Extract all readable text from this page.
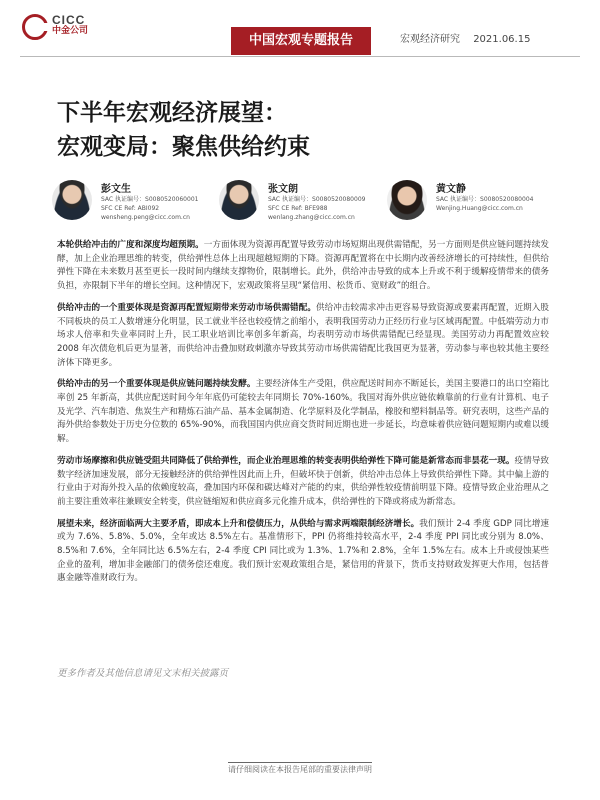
CICC
中金公司
中国宏观专题报告	宏观经济研究 2021.06.15
下半年宏观经济展望：
宏观变局：聚焦供给约束
彭文生
SAC 执证编号：S0080520060001
SFC CE Ref: ABI092
wensheng.peng@cicc.com.cn
张文朗
SAC 执证编号：S0080520080009
SFC CE Ref: BFE988
wenlang.zhang@cicc.com.cn
黄文静
SAC 执证编号：S0080520080004
Wenjing.Huang@cicc.com.cn

本轮供给冲击的广度和深度均超预期。一方面体现为资源再配置导致劳动市场短期出现供需错配，另一方面则是供应链问题持续发酵，加上企业治理思维的转变，供给弹性总体上出现超越短期的下降。资源再配置将在中长期内改善经济增长的可持续性，但供给弹性下降在未来数月甚至更长一段时间内继续支撑物价，限制增长。此外，供给冲击导致的成本上升或不利于缓解疫情带来的债务负担，亦限制下半年的增长空间。这种情况下，宏观政策将呈现“紧信用、松货币、宽财政”的组合。

供给冲击的一个重要体现是资源再配置短期带来劳动市场供需错配。供给冲击较需求冲击更容易导致资源或要素再配置，近期入股不同板块的员工人数增速分化明显，民工就业半径也较疫情之前缩小，表明我国劳动力正经历行业与区域再配置。中低端劳动力市场求人倍率和失业率同时上升，民工职业培训比率创多年新高，均表明劳动市场供需错配已经显现。美国劳动力再配置效应较 2008 年次债危机后更为显著，而供给冲击叠加财政刺激亦导致其劳动市场供需错配比我国更为显著，劳动参与率也较其他主要经济体下降更多。

供给冲击的另一个重要体现是供应链问题持续发酵。主要经济体生产受阻，供应配送时间亦不断延长，美国主要港口的出口空箱比率创 25 年新高，其供应配送时间今年年底仍可能较去年同期长 70%-160%。我国对海外供应链依赖靠前的行业有计算机、电子及光学、汽车制造、焦炭生产和精炼石油产品、基本金属制造、化学原料及化学制品，橡胶和塑料制品等。研究表明，这些产品的海外供给参数处于历史分位数的 65%-90%，而我国国内供应商交货时间近期也进一步延长，均意味着供应链问题短期内或难以缓解。

劳动市场摩擦和供应链受阻共同降低了供给弹性，而企业治理思维的转变表明供给弹性下降可能是新常态而非昙花一现。疫情导致数字经济加速发展，部分无接触经济的供给弹性因此而上升，但破坏快于创新，供给冲击总体上导致供给弹性下降。其中偏上游的行业由于对海外投入品的依赖度较高，叠加国内环保和碳达峰对产能的约束，供给弹性较疫情前明显下降。疫情导致企业治理从之前主要注重效率往兼顾安全转变，供应链缩短和供应商多元化推升成本，供给弹性的下降或将成为新常态。

展望未来，经济面临两大主要矛盾，即成本上升和偿债压力，从供给与需求两端限制经济增长。我们预计 2-4 季度 GDP 同比增速或为 7.6%、5.8%、5.0%，全年或达 8.5%左右。基准情形下，PPI 仍将维持较高水平，2-4 季度 PPI 同比或分别为 8.0%、8.5%和 7.6%，全年同比达 6.5%左右，2-4 季度 CPI 同比或为 1.3%、1.7%和 2.8%，全年 1.5%左右。成本上升或侵蚀某些企业的盈利，增加非金融部门的债务偿还难度。我们预计宏观政策组合是，紧信用的背景下，货币支持财政发挥更大作用，包括普惠金融等准财政行为。

更多作者及其他信息请见文末相关披露页
请仔细阅读在本报告尾部的重要法律声明
